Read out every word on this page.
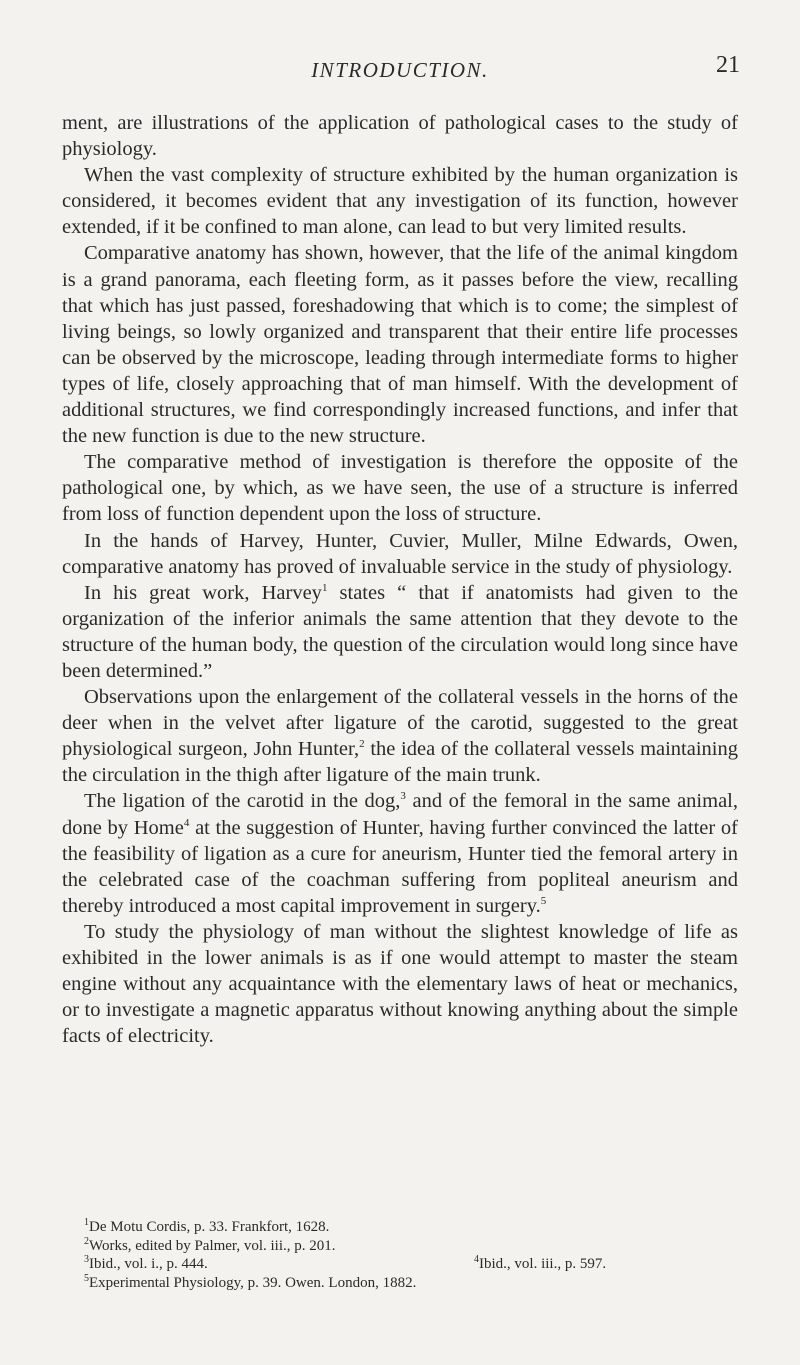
INTRODUCTION.	21

ment, are illustrations of the application of pathological cases to the study of physiology.

When the vast complexity of structure exhibited by the human organization is considered, it becomes evident that any investigation of its function, however extended, if it be confined to man alone, can lead to but very limited results.

Comparative anatomy has shown, however, that the life of the animal kingdom is a grand panorama, each fleeting form, as it passes before the view, recalling that which has just passed, foreshadowing that which is to come; the simplest of living beings, so lowly organized and transparent that their entire life processes can be observed by the microscope, leading through intermediate forms to higher types of life, closely approaching that of man himself. With the development of additional structures, we find correspondingly increased functions, and infer that the new function is due to the new structure.

The comparative method of investigation is therefore the opposite of the pathological one, by which, as we have seen, the use of a structure is inferred from loss of function dependent upon the loss of structure.

In the hands of Harvey, Hunter, Cuvier, Muller, Milne Edwards, Owen, comparative anatomy has proved of invaluable service in the study of physiology.

In his great work, Harvey$^1$ states “ that if anatomists had given to the organization of the inferior animals the same attention that they devote to the structure of the human body, the question of the circulation would long since have been determined.”

Observations upon the enlargement of the collateral vessels in the horns of the deer when in the velvet after ligature of the carotid, suggested to the great physiological surgeon, John Hunter,$^2$ the idea of the collateral vessels maintaining the circulation in the thigh after ligature of the main trunk.

The ligation of the carotid in the dog,$^3$ and of the femoral in the same animal, done by Home$^4$ at the suggestion of Hunter, having further convinced the latter of the feasibility of ligation as a cure for aneurism, Hunter tied the femoral artery in the celebrated case of the coachman suffering from popliteal aneurism and thereby introduced a most capital improvement in surgery.$^5$

To study the physiology of man without the slightest knowledge of life as exhibited in the lower animals is as if one would attempt to master the steam engine without any acquaintance with the elementary laws of heat or mechanics, or to investigate a magnetic apparatus without knowing anything about the simple facts of electricity.

$^1$De Motu Cordis, p. 33. Frankfort, 1628.
$^2$Works, edited by Palmer, vol. iii., p. 201.
$^3$Ibid., vol. i., p. 444.	$^4$Ibid., vol. iii., p. 597.
$^5$Experimental Physiology, p. 39. Owen. London, 1882.
